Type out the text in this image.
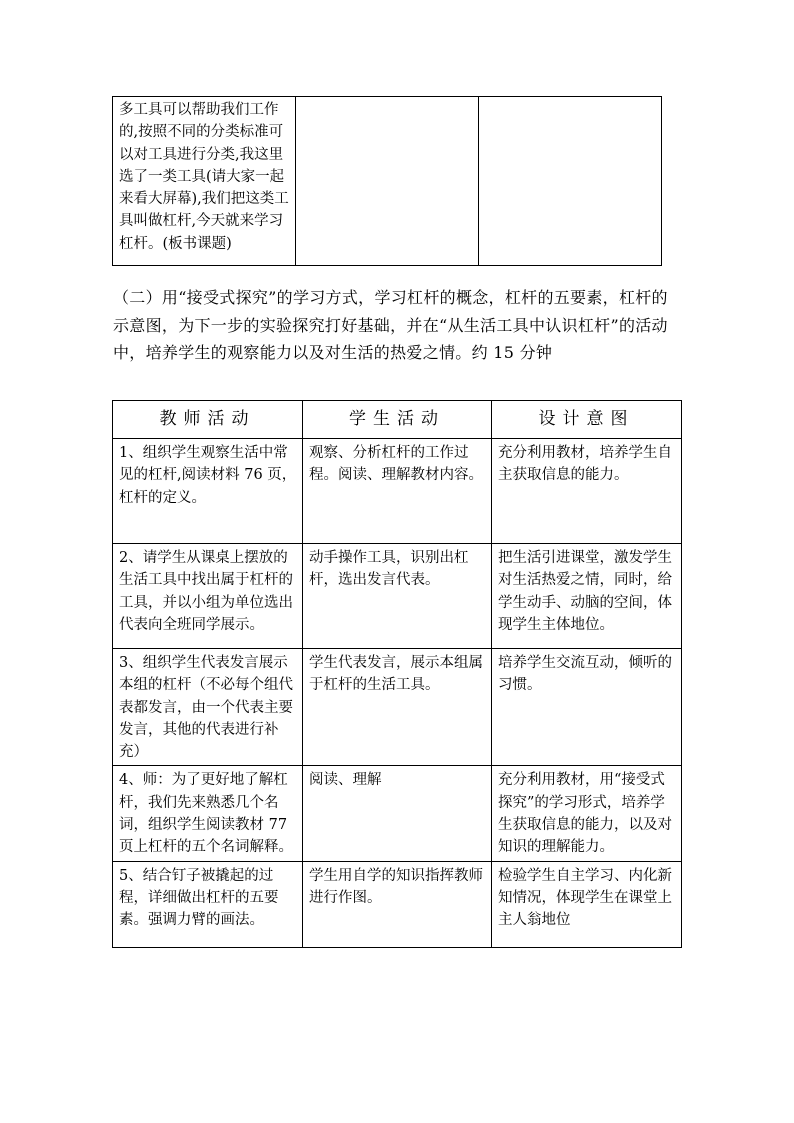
多工具可以帮助我们工作的,按照不同的分类标准可以对工具进行分类,我这里选了一类工具(请大家一起来看大屏幕),我们把这类工具叫做杠杆,今天就来学习杠杆。(板书课题)		

（二）用“接受式探究”的学习方式，学习杠杆的概念，杠杆的五要素，杠杆的示意图，为下一步的实验探究打好基础，并在“从生活工具中认识杠杆”的活动中，培养学生的观察能力以及对生活的热爱之情。约 15 分钟

教师活动	学生活动	设计意图
1、组织学生观察生活中常见的杠杆,阅读材料 76 页，杠杆的定义。	观察、分析杠杆的工作过程。阅读、理解教材内容。	充分利用教材，培养学生自主获取信息的能力。
2、请学生从课桌上摆放的生活工具中找出属于杠杆的工具，并以小组为单位选出代表向全班同学展示。	动手操作工具，识别出杠杆，选出发言代表。	把生活引进课堂，激发学生对生活热爱之情，同时，给学生动手、动脑的空间，体现学生主体地位。
3、组织学生代表发言展示本组的杠杆（不必每个组代表都发言，由一个代表主要发言，其他的代表进行补充）	学生代表发言，展示本组属于杠杆的生活工具。	培养学生交流互动，倾听的习惯。
4、师：为了更好地了解杠杆，我们先来熟悉几个名词，组织学生阅读教材 77 页上杠杆的五个名词解释。	阅读、理解	充分利用教材，用“接受式探究”的学习形式，培养学生获取信息的能力，以及对知识的理解能力。
5、结合钉子被撬起的过程，详细做出杠杆的五要素。强调力臂的画法。	学生用自学的知识指挥教师进行作图。	检验学生自主学习、内化新知情况，体现学生在课堂上主人翁地位
